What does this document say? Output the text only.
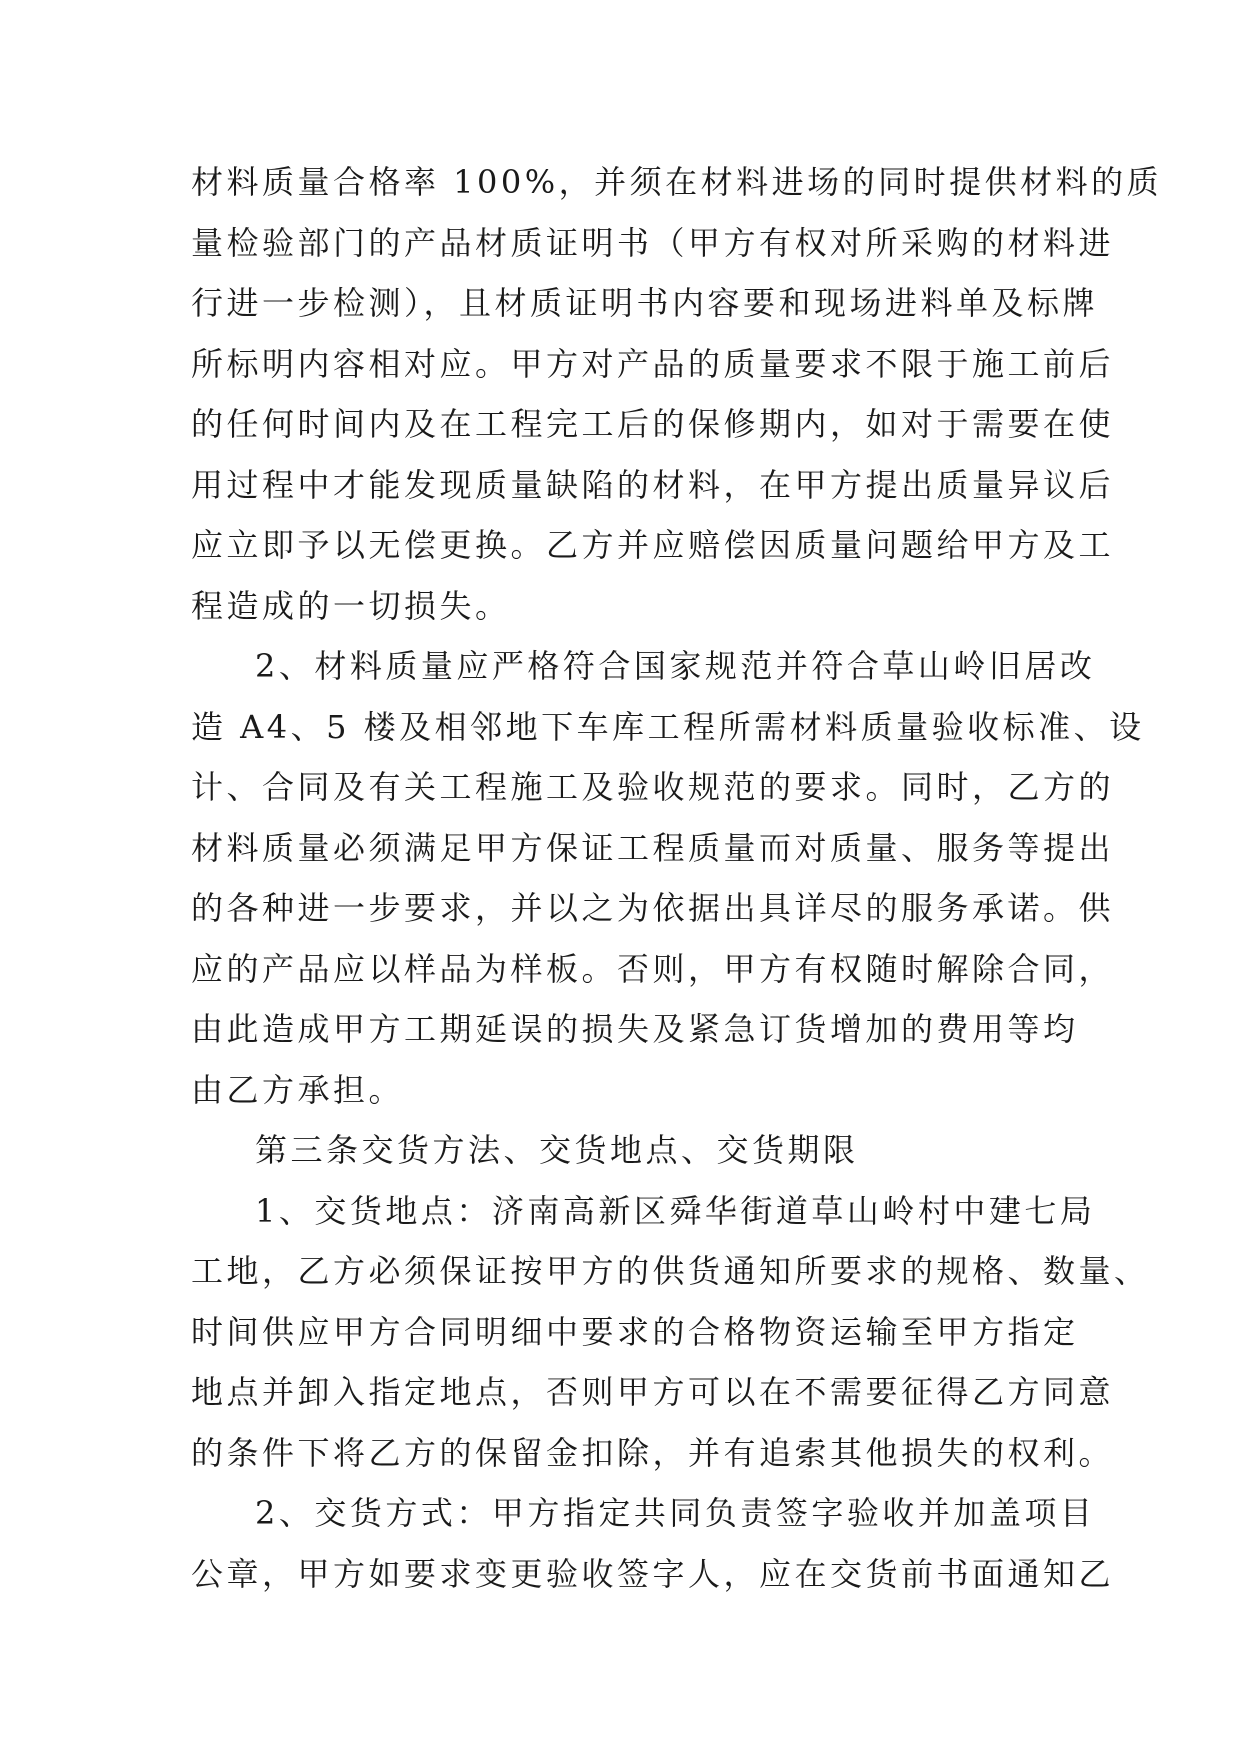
材料质量合格率 100%，并须在材料进场的同时提供材料的质
量检验部门的产品材质证明书（甲方有权对所采购的材料进
行进一步检测），且材质证明书内容要和现场进料单及标牌
所标明内容相对应。甲方对产品的质量要求不限于施工前后
的任何时间内及在工程完工后的保修期内，如对于需要在使
用过程中才能发现质量缺陷的材料，在甲方提出质量异议后
应立即予以无偿更换。乙方并应赔偿因质量问题给甲方及工
程造成的一切损失。
2、材料质量应严格符合国家规范并符合草山岭旧居改
造 A4、5 楼及相邻地下车库工程所需材料质量验收标准、设
计、合同及有关工程施工及验收规范的要求。同时，乙方的
材料质量必须满足甲方保证工程质量而对质量、服务等提出
的各种进一步要求，并以之为依据出具详尽的服务承诺。供
应的产品应以样品为样板。否则，甲方有权随时解除合同，
由此造成甲方工期延误的损失及紧急订货增加的费用等均
由乙方承担。
第三条交货方法、交货地点、交货期限
1、交货地点：济南高新区舜华街道草山岭村中建七局
工地，乙方必须保证按甲方的供货通知所要求的规格、数量、
时间供应甲方合同明细中要求的合格物资运输至甲方指定
地点并卸入指定地点，否则甲方可以在不需要征得乙方同意
的条件下将乙方的保留金扣除，并有追索其他损失的权利。
2、交货方式：甲方指定共同负责签字验收并加盖项目
公章，甲方如要求变更验收签字人，应在交货前书面通知乙
